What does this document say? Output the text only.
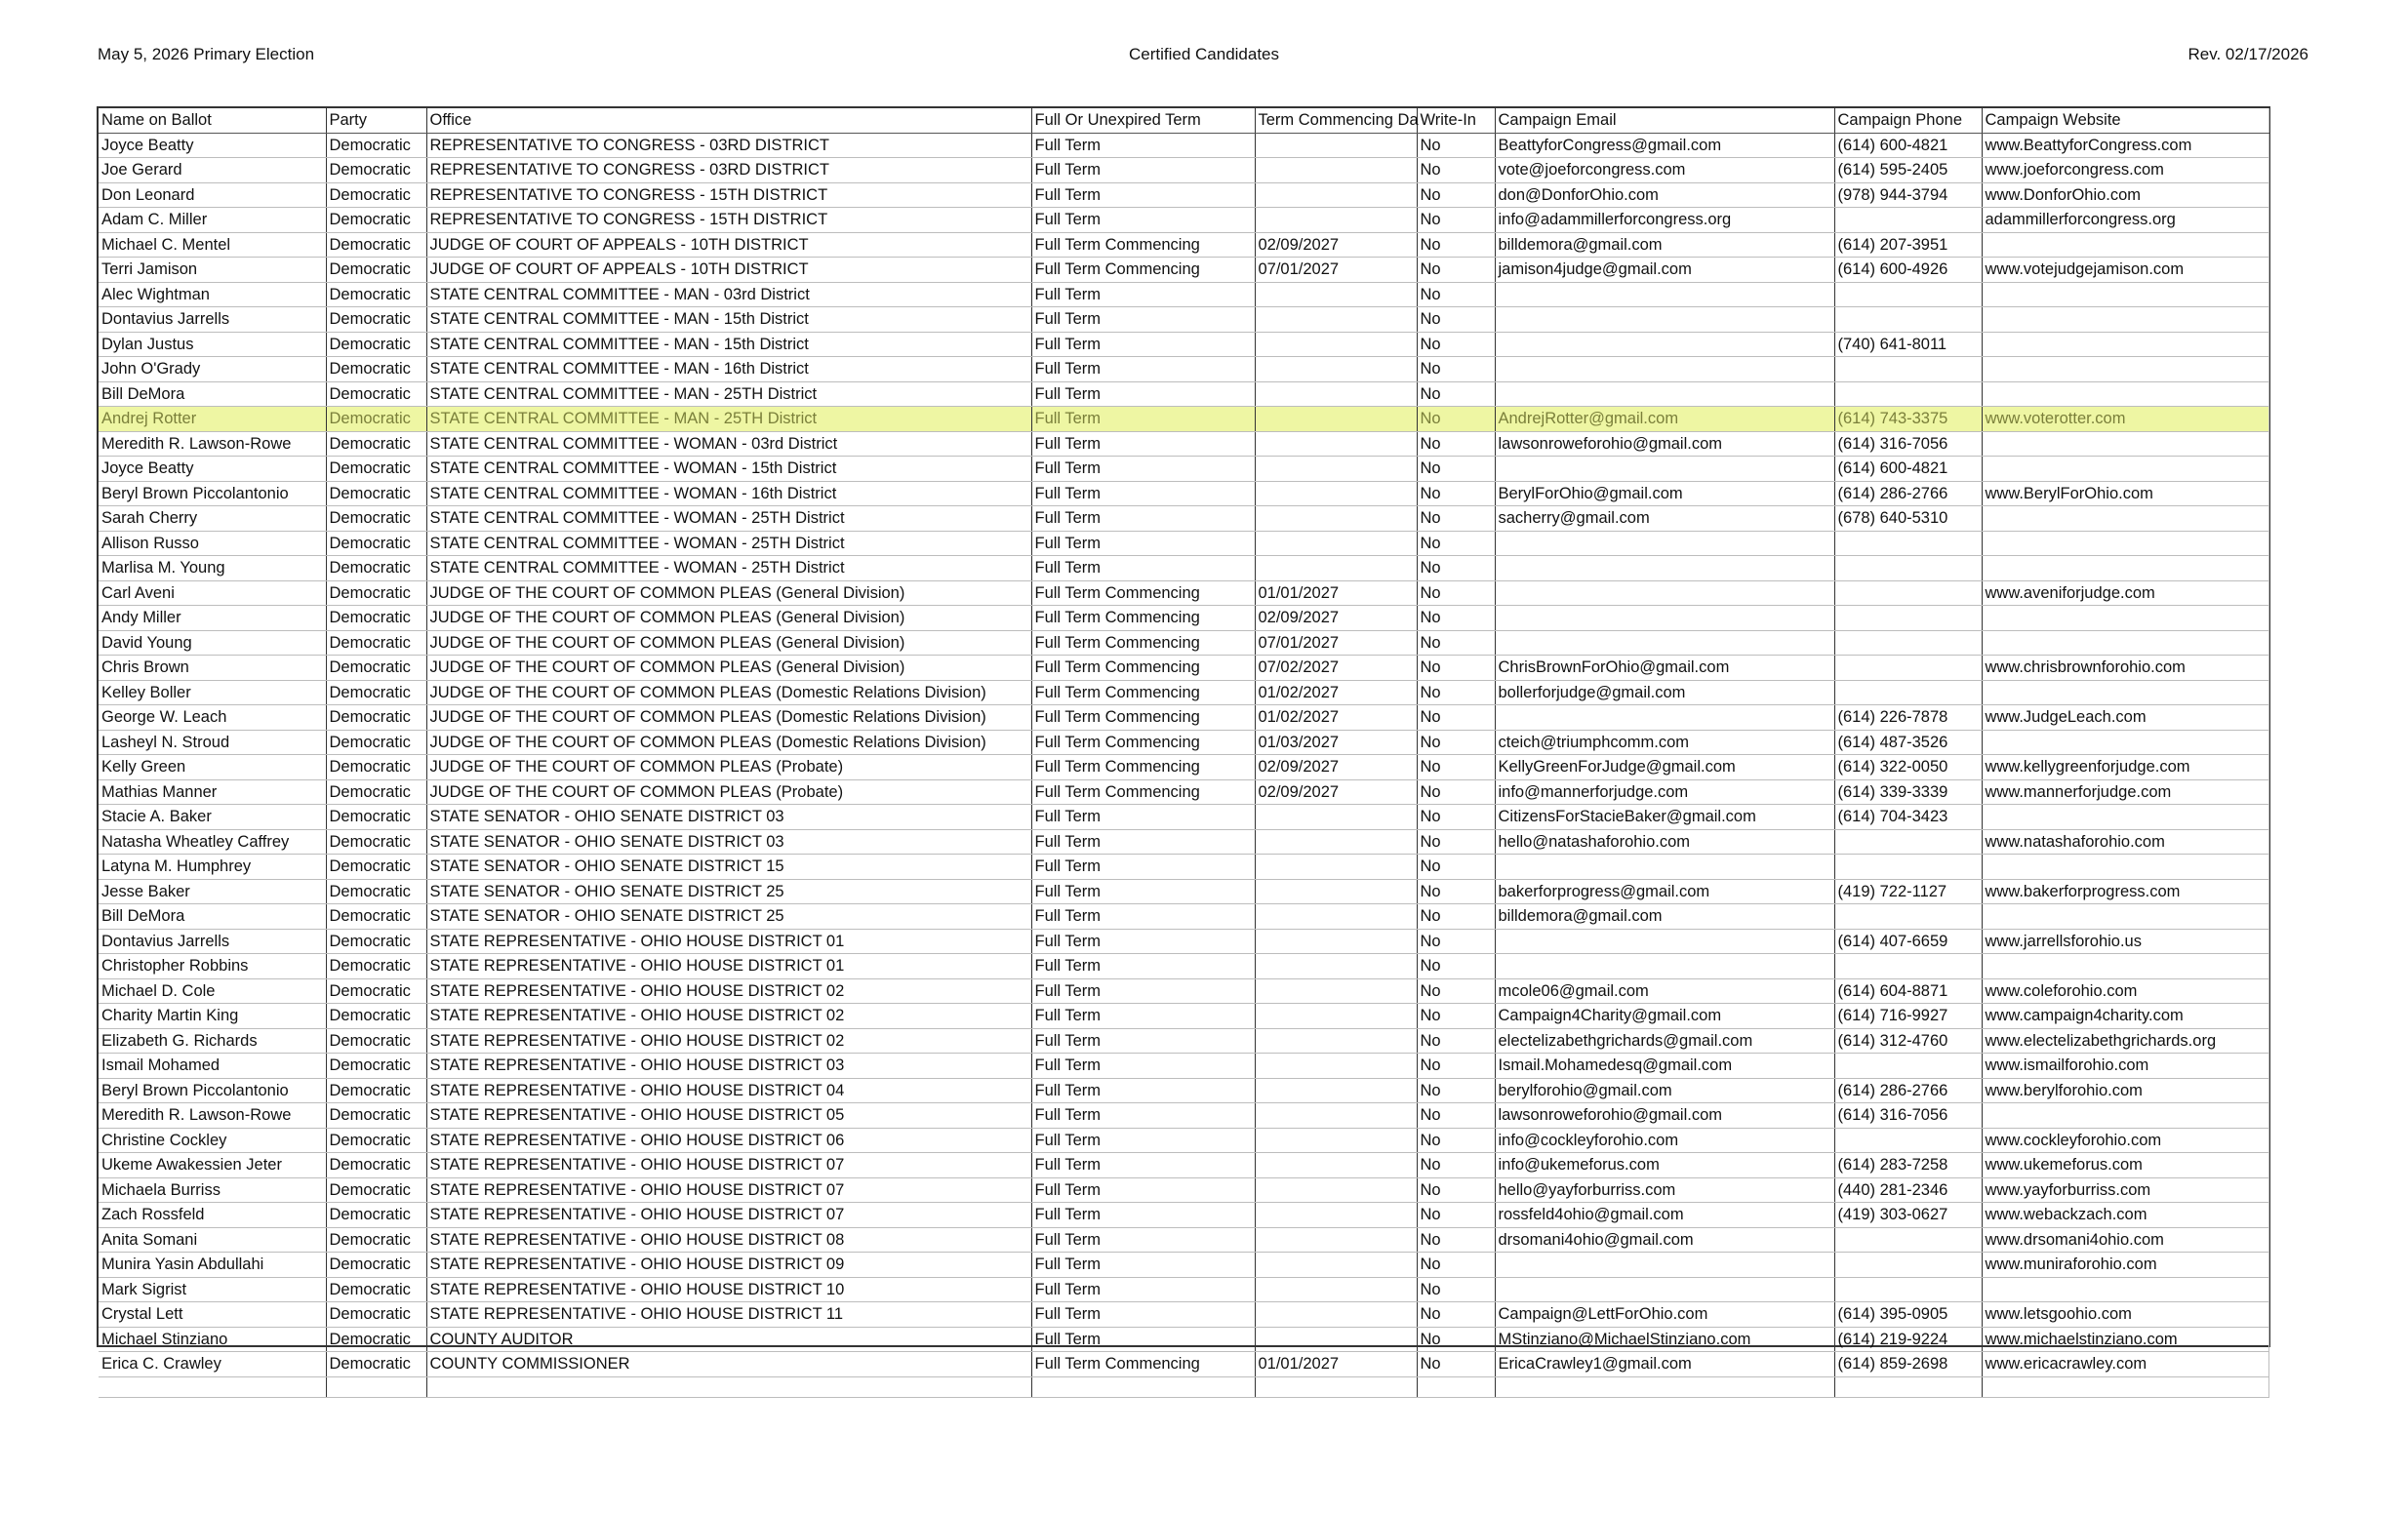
May 5, 2026 Primary Election	Certified Candidates	Rev. 02/17/2026
Name on Ballot	Party	Office	Full Or Unexpired Term	Term Commencing Da	Write-In	Campaign Email	Campaign Phone	Campaign Website
Joyce Beatty	Democratic	REPRESENTATIVE TO CONGRESS - 03RD DISTRICT	Full Term		No	BeattyforCongress@gmail.com	(614) 600-4821	www.BeattyforCongress.com
Joe Gerard	Democratic	REPRESENTATIVE TO CONGRESS - 03RD DISTRICT	Full Term		No	vote@joeforcongress.com	(614) 595-2405	www.joeforcongress.com
Don Leonard	Democratic	REPRESENTATIVE TO CONGRESS - 15TH DISTRICT	Full Term		No	don@DonforOhio.com	(978) 944-3794	www.DonforOhio.com
Adam C. Miller	Democratic	REPRESENTATIVE TO CONGRESS - 15TH DISTRICT	Full Term		No	info@adammillerforcongress.org		adammillerforcongress.org
Michael C. Mentel	Democratic	JUDGE OF COURT OF APPEALS - 10TH DISTRICT	Full Term Commencing	02/09/2027	No	billdemora@gmail.com	(614) 207-3951	
Terri Jamison	Democratic	JUDGE OF COURT OF APPEALS - 10TH DISTRICT	Full Term Commencing	07/01/2027	No	jamison4judge@gmail.com	(614) 600-4926	www.votejudgejamison.com
Alec Wightman	Democratic	STATE CENTRAL COMMITTEE - MAN - 03rd District	Full Term		No			
Dontavius Jarrells	Democratic	STATE CENTRAL COMMITTEE - MAN - 15th District	Full Term		No			
Dylan Justus	Democratic	STATE CENTRAL COMMITTEE - MAN - 15th District	Full Term		No		(740) 641-8011	
John O'Grady	Democratic	STATE CENTRAL COMMITTEE - MAN - 16th District	Full Term		No			
Bill DeMora	Democratic	STATE CENTRAL COMMITTEE - MAN - 25TH District	Full Term		No			
Andrej Rotter	Democratic	STATE CENTRAL COMMITTEE - MAN - 25TH District	Full Term		No	AndrejRotter@gmail.com	(614) 743-3375	www.voterotter.com
Meredith R. Lawson-Rowe	Democratic	STATE CENTRAL COMMITTEE - WOMAN - 03rd District	Full Term		No	lawsonroweforohio@gmail.com	(614) 316-7056	
Joyce Beatty	Democratic	STATE CENTRAL COMMITTEE - WOMAN - 15th District	Full Term		No		(614) 600-4821	
Beryl Brown Piccolantonio	Democratic	STATE CENTRAL COMMITTEE - WOMAN - 16th District	Full Term		No	BerylForOhio@gmail.com	(614) 286-2766	www.BerylForOhio.com
Sarah Cherry	Democratic	STATE CENTRAL COMMITTEE - WOMAN - 25TH District	Full Term		No	sacherry@gmail.com	(678) 640-5310	
Allison Russo	Democratic	STATE CENTRAL COMMITTEE - WOMAN - 25TH District	Full Term		No			
Marlisa M. Young	Democratic	STATE CENTRAL COMMITTEE - WOMAN - 25TH District	Full Term		No			
Carl Aveni	Democratic	JUDGE OF THE COURT OF COMMON PLEAS (General Division)	Full Term Commencing	01/01/2027	No			www.aveniforjudge.com
Andy Miller	Democratic	JUDGE OF THE COURT OF COMMON PLEAS (General Division)	Full Term Commencing	02/09/2027	No			
David Young	Democratic	JUDGE OF THE COURT OF COMMON PLEAS (General Division)	Full Term Commencing	07/01/2027	No			
Chris Brown	Democratic	JUDGE OF THE COURT OF COMMON PLEAS (General Division)	Full Term Commencing	07/02/2027	No	ChrisBrownForOhio@gmail.com		www.chrisbrownforohio.com
Kelley Boller	Democratic	JUDGE OF THE COURT OF COMMON PLEAS (Domestic Relations Division)	Full Term Commencing	01/02/2027	No	bollerforjudge@gmail.com		
George W. Leach	Democratic	JUDGE OF THE COURT OF COMMON PLEAS (Domestic Relations Division)	Full Term Commencing	01/02/2027	No		(614) 226-7878	www.JudgeLeach.com
Lasheyl N. Stroud	Democratic	JUDGE OF THE COURT OF COMMON PLEAS (Domestic Relations Division)	Full Term Commencing	01/03/2027	No	cteich@triumphcomm.com	(614) 487-3526	
Kelly Green	Democratic	JUDGE OF THE COURT OF COMMON PLEAS (Probate)	Full Term Commencing	02/09/2027	No	KellyGreenForJudge@gmail.com	(614) 322-0050	www.kellygreenforjudge.com
Mathias Manner	Democratic	JUDGE OF THE COURT OF COMMON PLEAS (Probate)	Full Term Commencing	02/09/2027	No	info@mannerforjudge.com	(614) 339-3339	www.mannerforjudge.com
Stacie A. Baker	Democratic	STATE SENATOR - OHIO SENATE DISTRICT 03	Full Term		No	CitizensForStacieBaker@gmail.com	(614) 704-3423	
Natasha Wheatley Caffrey	Democratic	STATE SENATOR - OHIO SENATE DISTRICT 03	Full Term		No	hello@natashaforohio.com		www.natashaforohio.com
Latyna M. Humphrey	Democratic	STATE SENATOR - OHIO SENATE DISTRICT 15	Full Term		No			
Jesse Baker	Democratic	STATE SENATOR - OHIO SENATE DISTRICT 25	Full Term		No	bakerforprogress@gmail.com	(419) 722-1127	www.bakerforprogress.com
Bill DeMora	Democratic	STATE SENATOR - OHIO SENATE DISTRICT 25	Full Term		No	billdemora@gmail.com		
Dontavius Jarrells	Democratic	STATE REPRESENTATIVE - OHIO HOUSE DISTRICT 01	Full Term		No		(614) 407-6659	www.jarrellsforohio.us
Christopher Robbins	Democratic	STATE REPRESENTATIVE - OHIO HOUSE DISTRICT 01	Full Term		No			
Michael D. Cole	Democratic	STATE REPRESENTATIVE - OHIO HOUSE DISTRICT 02	Full Term		No	mcole06@gmail.com	(614) 604-8871	www.coleforohio.com
Charity Martin King	Democratic	STATE REPRESENTATIVE - OHIO HOUSE DISTRICT 02	Full Term		No	Campaign4Charity@gmail.com	(614) 716-9927	www.campaign4charity.com
Elizabeth G. Richards	Democratic	STATE REPRESENTATIVE - OHIO HOUSE DISTRICT 02	Full Term		No	electelizabethgrichards@gmail.com	(614) 312-4760	www.electelizabethgrichards.org
Ismail Mohamed	Democratic	STATE REPRESENTATIVE - OHIO HOUSE DISTRICT 03	Full Term		No	Ismail.Mohamedesq@gmail.com		www.ismailforohio.com
Beryl Brown Piccolantonio	Democratic	STATE REPRESENTATIVE - OHIO HOUSE DISTRICT 04	Full Term		No	berylforohio@gmail.com	(614) 286-2766	www.berylforohio.com
Meredith R. Lawson-Rowe	Democratic	STATE REPRESENTATIVE - OHIO HOUSE DISTRICT 05	Full Term		No	lawsonroweforohio@gmail.com	(614) 316-7056	
Christine Cockley	Democratic	STATE REPRESENTATIVE - OHIO HOUSE DISTRICT 06	Full Term		No	info@cockleyforohio.com		www.cockleyforohio.com
Ukeme Awakessien Jeter	Democratic	STATE REPRESENTATIVE - OHIO HOUSE DISTRICT 07	Full Term		No	info@ukemeforus.com	(614) 283-7258	www.ukemeforus.com
Michaela Burriss	Democratic	STATE REPRESENTATIVE - OHIO HOUSE DISTRICT 07	Full Term		No	hello@yayforburriss.com	(440) 281-2346	www.yayforburriss.com
Zach Rossfeld	Democratic	STATE REPRESENTATIVE - OHIO HOUSE DISTRICT 07	Full Term		No	rossfeld4ohio@gmail.com	(419) 303-0627	www.webackzach.com
Anita Somani	Democratic	STATE REPRESENTATIVE - OHIO HOUSE DISTRICT 08	Full Term		No	drsomani4ohio@gmail.com		www.drsomani4ohio.com
Munira Yasin Abdullahi	Democratic	STATE REPRESENTATIVE - OHIO HOUSE DISTRICT 09	Full Term		No			www.muniraforohio.com
Mark Sigrist	Democratic	STATE REPRESENTATIVE - OHIO HOUSE DISTRICT 10	Full Term		No			
Crystal Lett	Democratic	STATE REPRESENTATIVE - OHIO HOUSE DISTRICT 11	Full Term		No	Campaign@LettForOhio.com	(614) 395-0905	www.letsgoohio.com
Michael Stinziano	Democratic	COUNTY AUDITOR	Full Term		No	MStinziano@MichaelStinziano.com	(614) 219-9224	www.michaelstinziano.com
Erica C. Crawley	Democratic	COUNTY COMMISSIONER	Full Term Commencing	01/01/2027	No	EricaCrawley1@gmail.com	(614) 859-2698	www.ericacrawley.com
